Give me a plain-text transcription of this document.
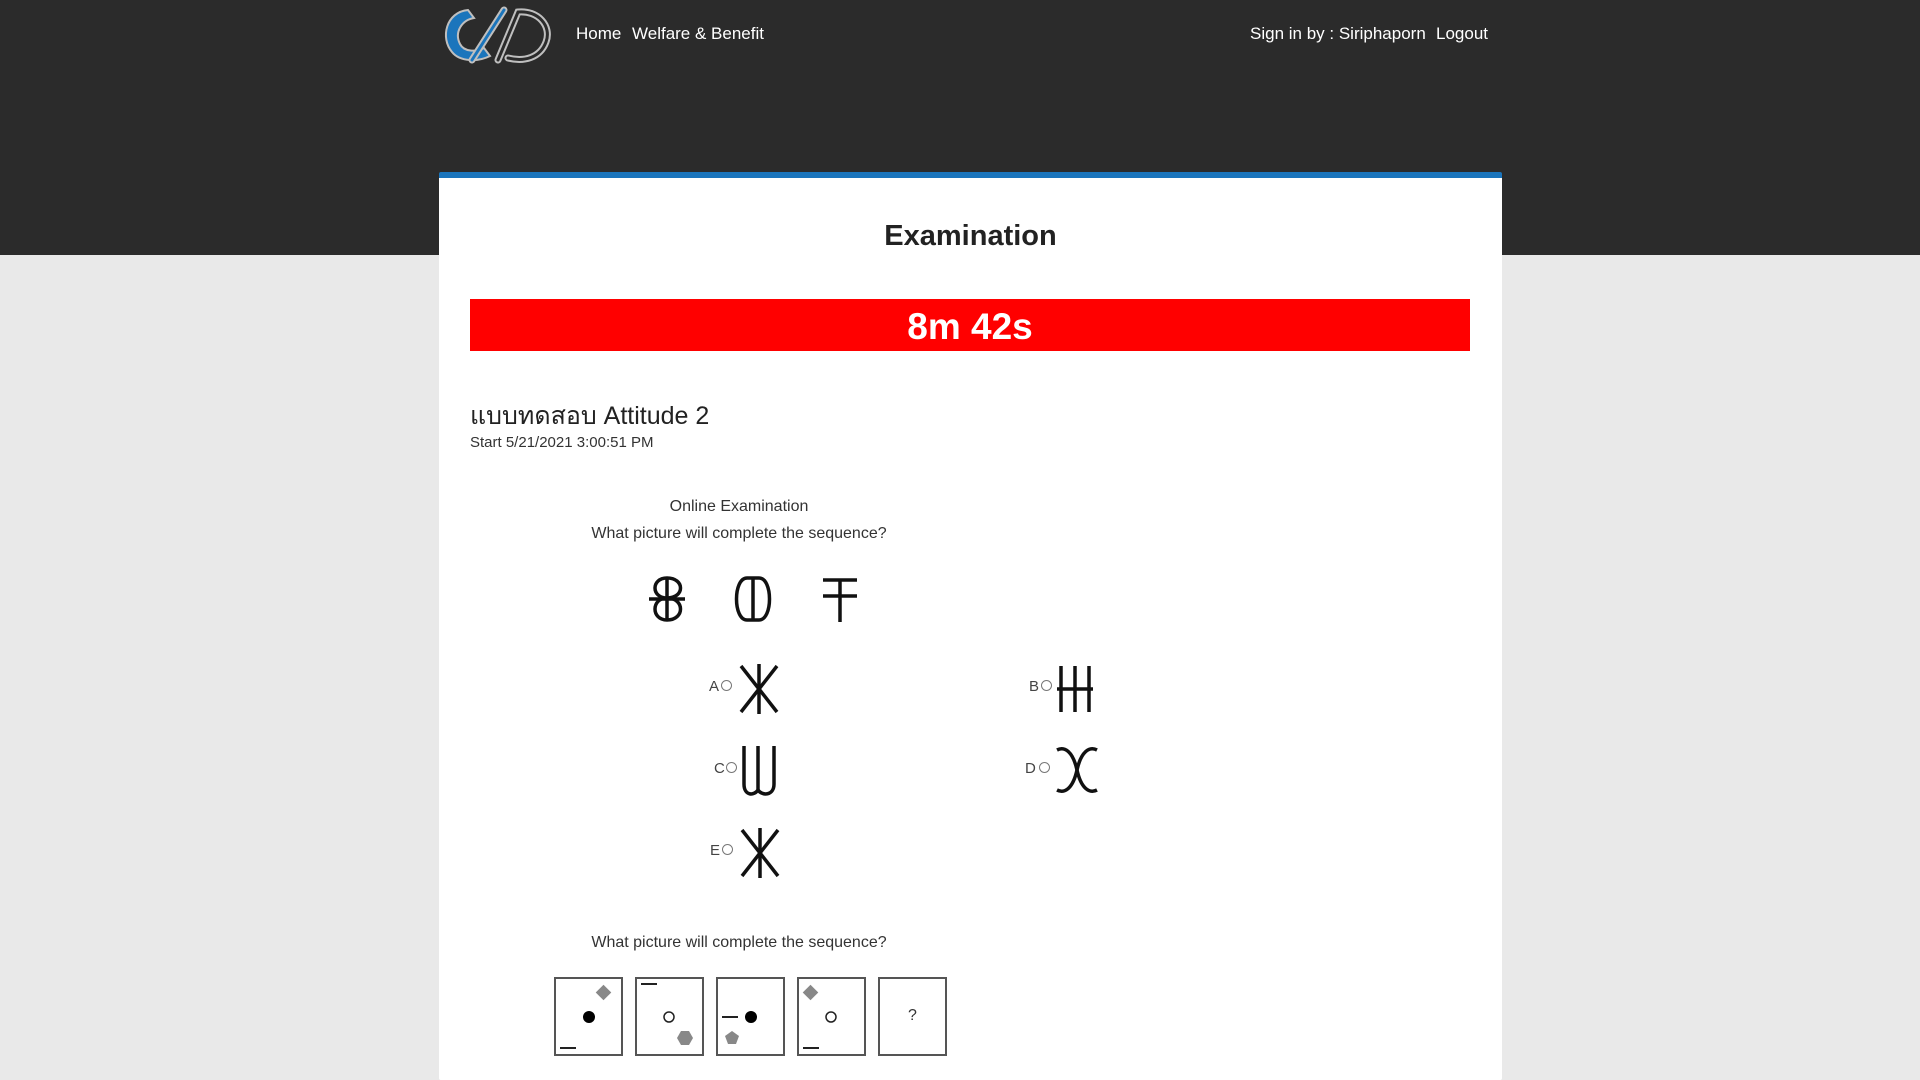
Home Welfare & Benefit	Sign in by : Siriphaporn Logout
Examination
8m 42s
แบบทดสอบ Attitude 2
Start 5/21/2021 3:00:51 PM
Online Examination
What picture will complete the sequence?
A	B
C	D
E
What picture will complete the sequence?
?
